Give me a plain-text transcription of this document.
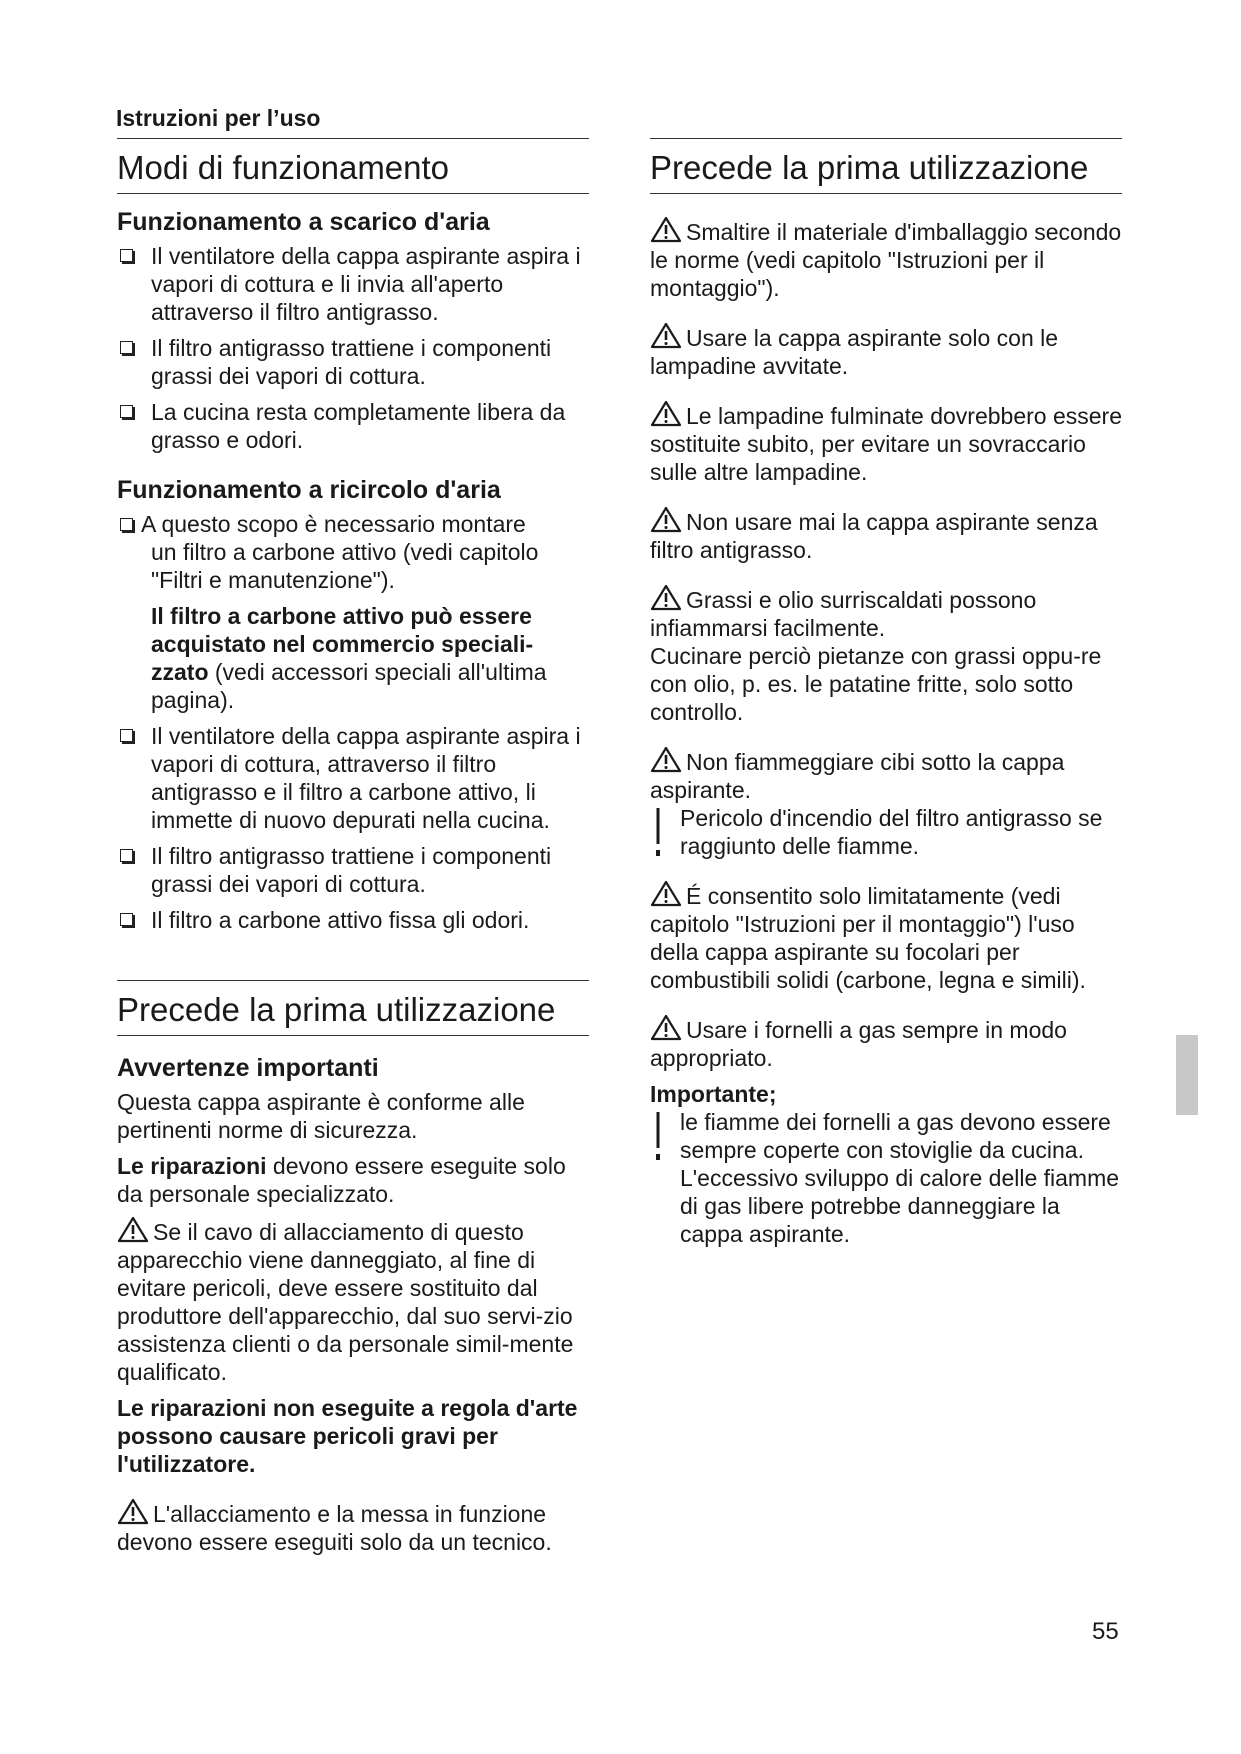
Istruzioni per l’uso
Modi di funzionamento
Funzionamento a scarico d'aria
Il ventilatore della cappa aspirante aspira i vapori di cottura e li invia all'aperto attraverso il filtro antigrasso.
Il filtro antigrasso trattiene i componenti grassi dei vapori di cottura.
La cucina resta completamente libera da grasso e odori.
Funzionamento a ricircolo d'aria

A questo scopo è necessario montare

un filtro a carbone attivo (vedi capitolo "Filtri e manutenzione").

Il filtro a carbone attivo può essere acquistato nel commercio speciali-zzato (vedi accessori speciali all'ultima pagina).

Il ventilatore della cappa aspirante aspira i vapori di cottura, attraverso il filtro antigrasso e il filtro a carbone attivo, li immette di nuovo depurati nella cucina.
Il filtro antigrasso trattiene i componenti grassi dei vapori di cottura.
Il filtro a carbone attivo fissa gli odori.
Precede la prima utilizzazione
Avvertenze importanti

Questa cappa aspirante è conforme alle pertinenti norme di sicurezza.

Le riparazioni devono essere eseguite solo da personale specializzato.

Se il cavo di allacciamento di questo apparecchio viene danneggiato, al fine di evitare pericoli, deve essere sostituito dal produttore dell'apparecchio, dal suo servi-zio assistenza clienti o da personale simil-mente qualificato.

Le riparazioni non eseguite a regola d'arte possono causare pericoli gravi per l'utilizzatore.

L'allacciamento e la messa in funzione devono essere eseguiti solo da un tecnico.

Precede la prima utilizzazione

Smaltire il materiale d'imballaggio secondo le norme (vedi capitolo "Istruzioni per il montaggio").

Usare la cappa aspirante solo con le lampadine avvitate.

Le lampadine fulminate dovrebbero essere sostituite subito, per evitare un sovraccario sulle altre lampadine.

Non usare mai la cappa aspirante senza filtro antigrasso.

Grassi e olio surriscaldati possono infiammarsi facilmente.

Cucinare perciò pietanze con grassi oppu-re con olio, p. es. le patatine fritte, solo sotto controllo.

Non fiammeggiare cibi sotto la cappa aspirante.

Pericolo d'incendio del filtro antigrasso se raggiunto delle fiamme.

É consentito solo limitatamente (vedi capitolo "Istruzioni per il montaggio") l'uso della cappa aspirante su focolari per combustibili solidi (carbone, legna e simili).

Usare i fornelli a gas sempre in modo appropriato.

Importante;

le fiamme dei fornelli a gas devono essere sempre coperte con stoviglie da cucina. L'eccessivo sviluppo di calore delle fiamme di gas libere potrebbe danneggiare la cappa aspirante.

55
